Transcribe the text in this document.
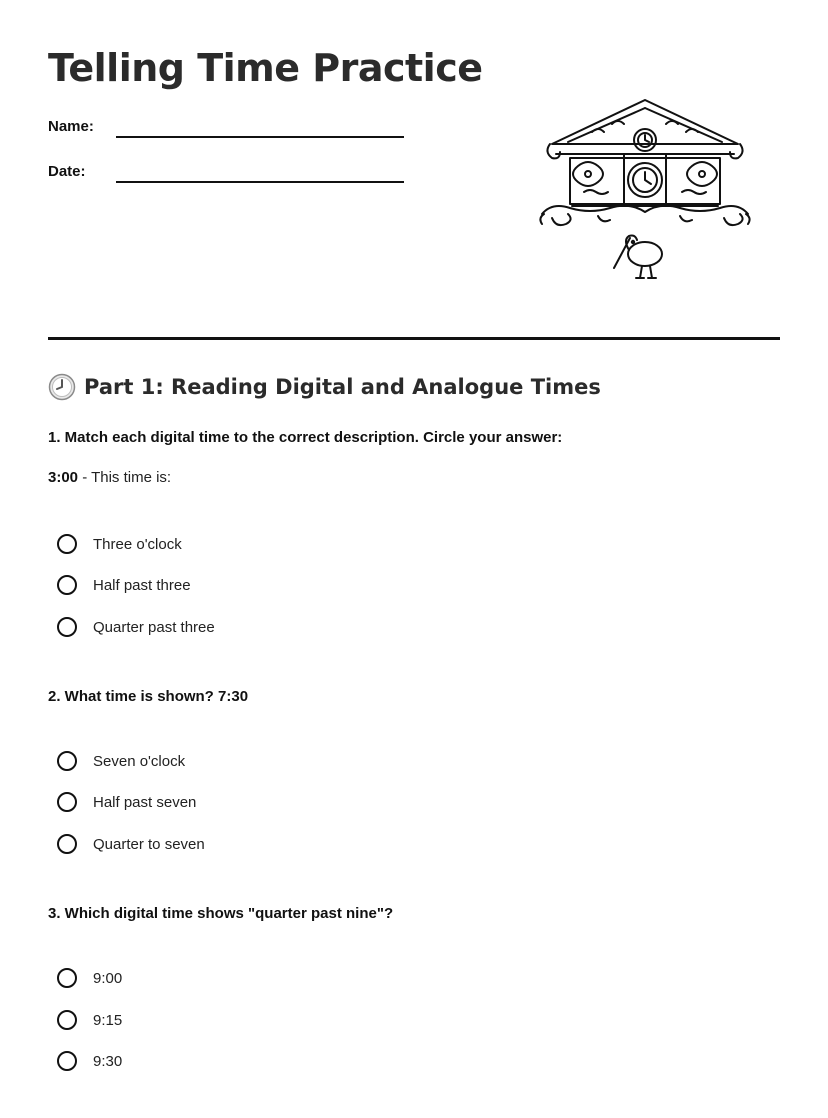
Telling Time Practice
Name:
Date:
Part 1: Reading Digital and Analogue Times

1. Match each digital time to the correct description. Circle your answer:

3:00 - This time is:

Three o'clock
Half past three
Quarter past three

2. What time is shown? 7:30

Seven o'clock
Half past seven
Quarter to seven

3. Which digital time shows "quarter past nine"?

9:00
9:15
9:30
